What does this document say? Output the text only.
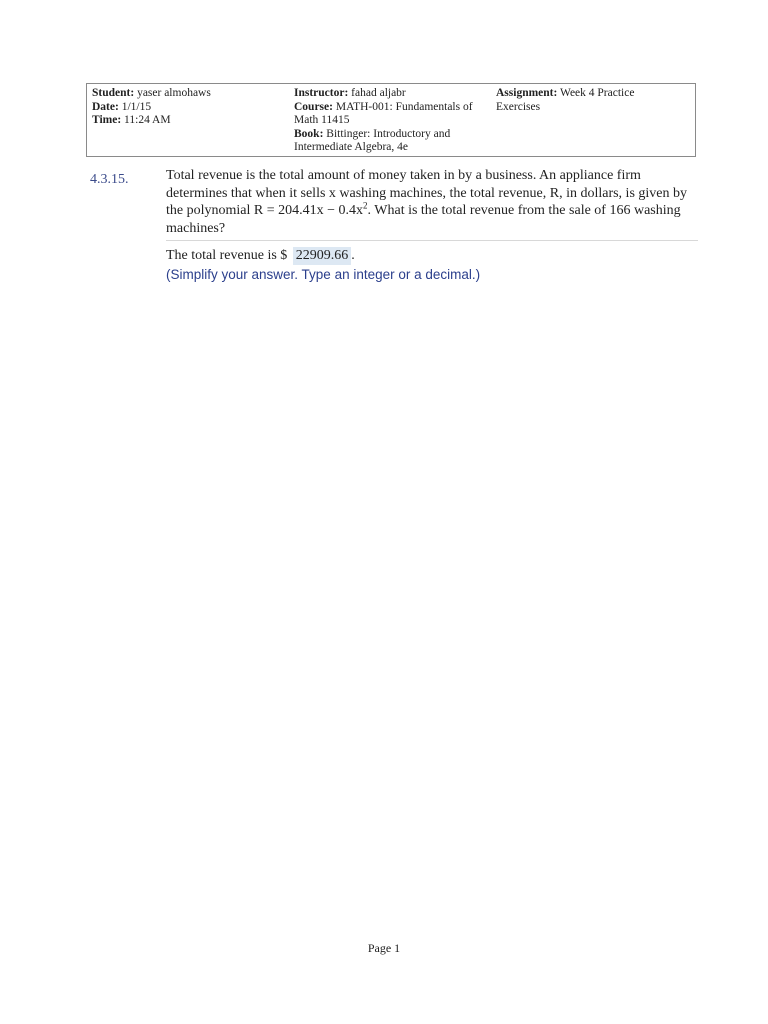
Student: yaser almohaws
Date: 1/1/15
Time: 11:24 AM
Instructor: fahad aljabr
Course: MATH-001: Fundamentals of
Math 11415
Book: Bittinger: Introductory and
Intermediate Algebra, 4e
Assignment: Week 4 Practice
Exercises
4.3.15.	Total revenue is the total amount of money taken in by a business. An appliance firm determines that when it sells x washing machines, the total revenue, R, in dollars, is given by the polynomial $R = 204.41x - 0.4x^2$. What is the total revenue from the sale of 166 washing machines?
The total revenue is $ 22909.66 .
(Simplify your answer. Type an integer or a decimal.)
Page 1
